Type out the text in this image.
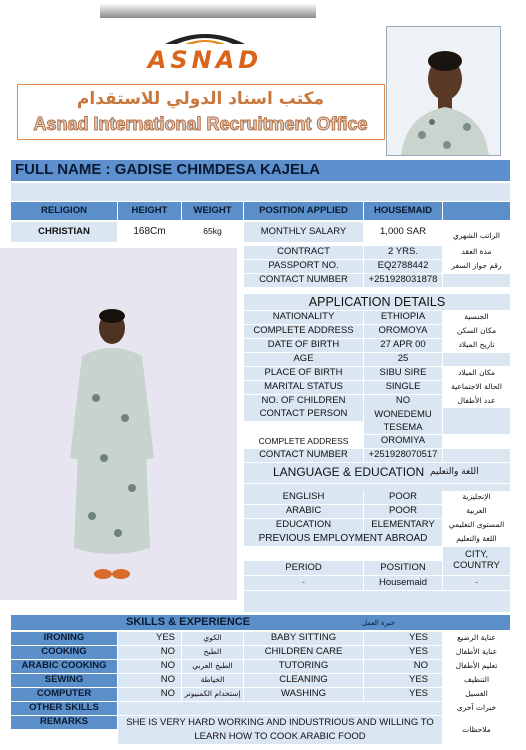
ASNAD
مكتب اسناد الدولي للاستقدام
Asnad International Recruitment Office
FULL NAME : GADISE CHIMDESA KAJELA
RELIGION	HEIGHT	WEIGHT	POSITION APPLIED	HOUSEMAID
CHRISTIAN	168Cm	65kg	MONTHLY SALARY	1,000 SAR	الراتب الشهري
CONTRACT	2 YRS.	مدة العقد
PASSPORT NO.	EQ2788442	رقم جواز السفر
CONTACT NUMBER	+251928031878
APPLICATION DETAILS
NATIONALITY	ETHIOPIA	الجنسية
COMPLETE ADDRESS	OROMOYA	مكان السكن
DATE OF BIRTH	27 APR 00	تاريخ الميلاد
AGE	25
PLACE OF BIRTH	SIBU SIRE	مكان الميلاد
MARITAL STATUS	SINGLE	الحالة الاجتماعية
NO. OF CHILDREN	NO	عدد الأطفال
CONTACT PERSON	WONEDEMU TESEMA
COMPLETE ADDRESS	OROMIYA
CONTACT NUMBER	+251928070517
LANGUAGE & EDUCATION اللغة والتعليم
ENGLISH	POOR	الإنجليزية
ARABIC	POOR	العربية
EDUCATION	ELEMENTARY	المستوى التعليمي
PREVIOUS EMPLOYMENT ABROAD	اللغة والتعليم
CITY, COUNTRY
PERIOD	POSITION
-	Housemaid	-
SKILLS & EXPERIENCE	خبرة العمل
IRONING	YES	الكوي	BABY SITTING	YES	عناية الرضيع
COOKING	NO	الطبخ	CHILDREN CARE	YES	عناية الأطفال
ARABIC COOKING	NO	الطبخ العربي	TUTORING	NO	تعليم الأطفال
SEWING	NO	الخياطة	CLEANING	YES	التنظيف
COMPUTER	NO	إستخدام الكمبيوتر	WASHING	YES	الغسيل
OTHER SKILLS	خبرات آخرى
REMARKS	SHE IS VERY HARD WORKING AND INDUSTRIOUS AND WILLING TO LEARN HOW TO COOK ARABIC FOOD
ملاحظات
